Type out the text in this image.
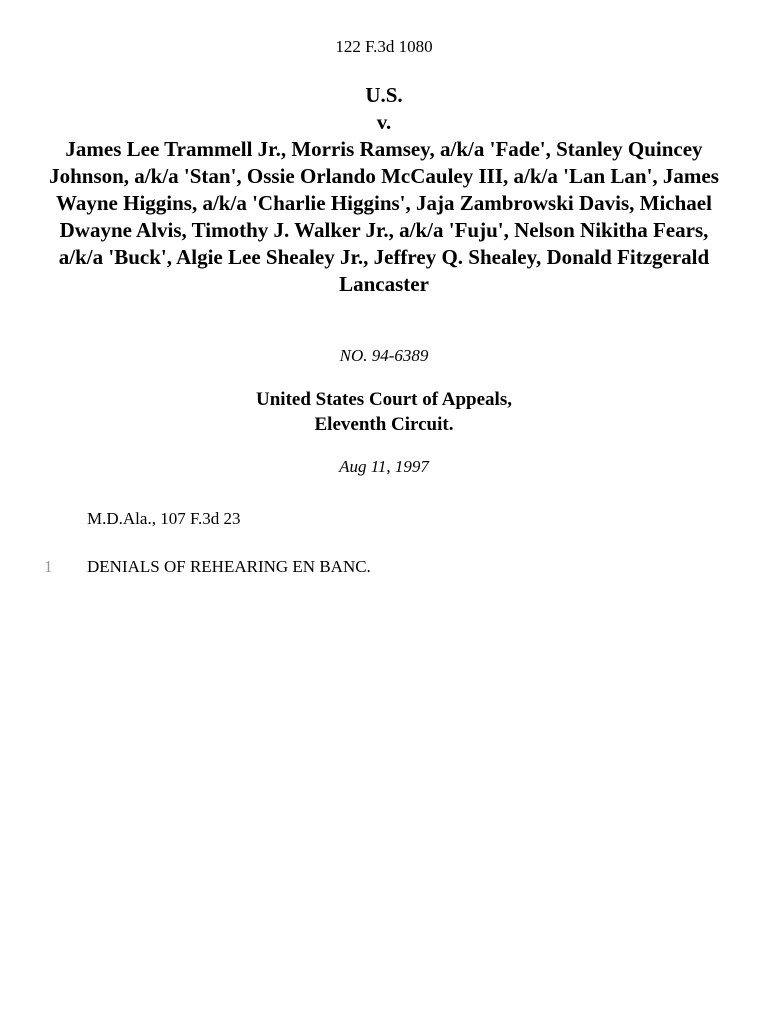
122 F.3d 1080
U.S.
v.
James Lee Trammell Jr., Morris Ramsey, a/k/a 'Fade', Stanley Quincey Johnson, a/k/a 'Stan', Ossie Orlando McCauley III, a/k/a 'Lan Lan', James Wayne Higgins, a/k/a 'Charlie Higgins', Jaja Zambrowski Davis, Michael Dwayne Alvis, Timothy J. Walker Jr., a/k/a 'Fuju', Nelson Nikitha Fears, a/k/a 'Buck', Algie Lee Shealey Jr., Jeffrey Q. Shealey, Donald Fitzgerald Lancaster
NO. 94-6389
United States Court of Appeals,
Eleventh Circuit.
Aug 11, 1997
M.D.Ala., 107 F.3d 23
1 DENIALS OF REHEARING EN BANC.
